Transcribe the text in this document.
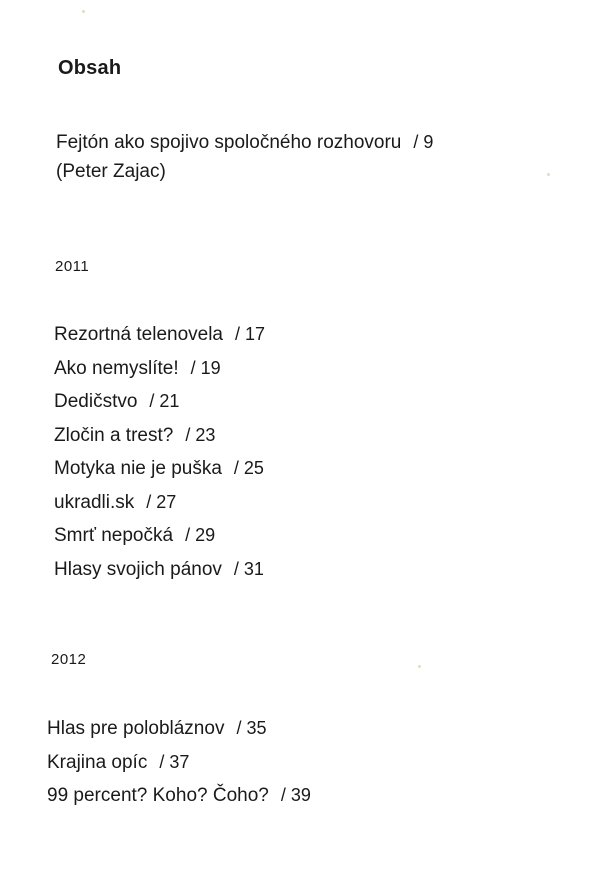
Obsah
Fejtón ako spojivo spoločného rozhovoru / 9
(Peter Zajac)
2011
Rezortná telenovela / 17
Ako nemyslíte! / 19
Dedičstvo / 21
Zločin a trest? / 23
Motyka nie je puška / 25
ukradli.sk / 27
Smrť nepočká / 29
Hlasy svojich pánov / 31
2012
Hlas pre polobláznov / 35
Krajina opíc / 37
99 percent? Koho? Čoho? / 39
